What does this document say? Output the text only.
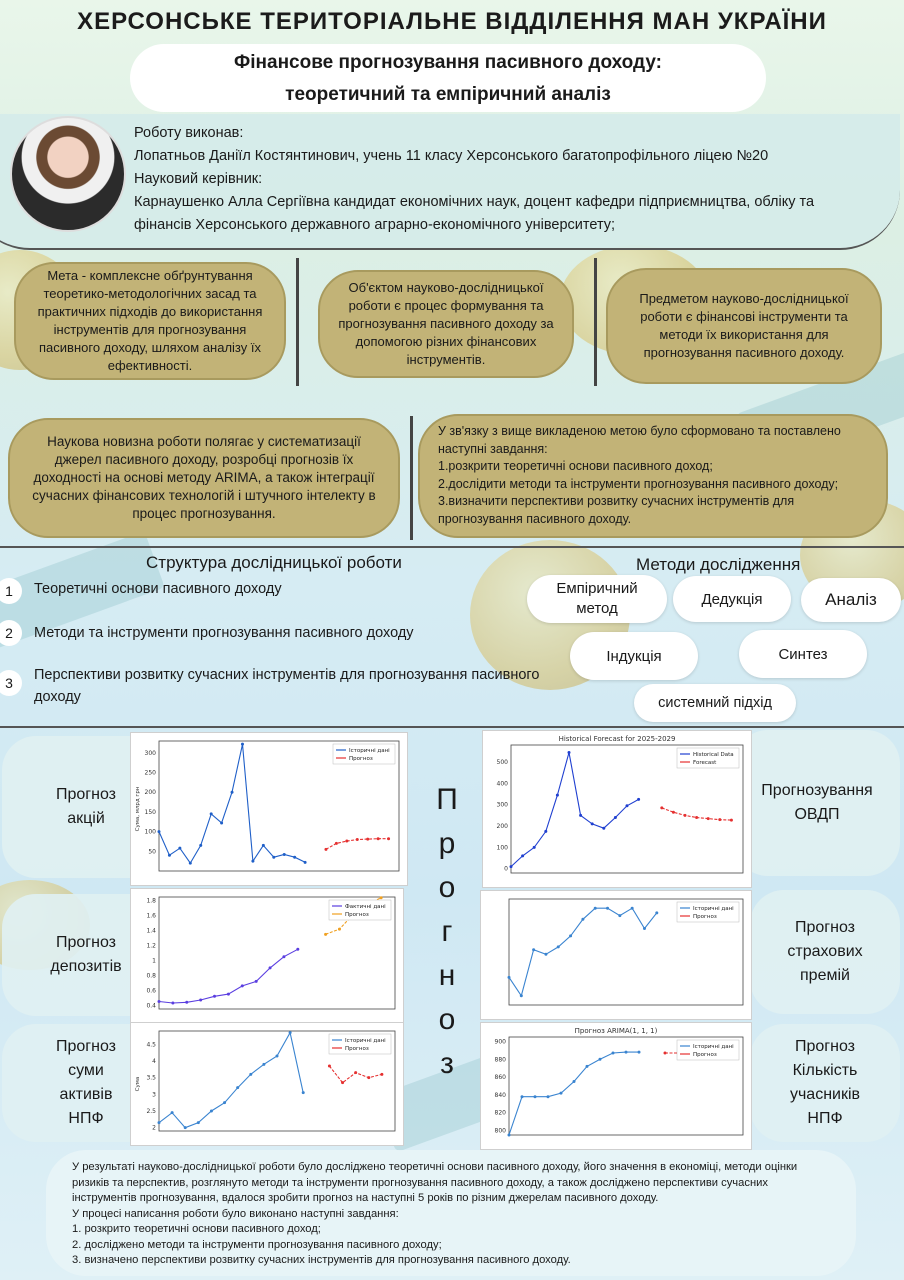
ХЕРСОНСЬКЕ ТЕРИТОРІАЛЬНЕ ВІДДІЛЕННЯ МАН УКРАЇНИ
Фінансове прогнозування пасивного доходу:
теоретичний та емпіричний аналіз
Роботу виконав:
Лопатньов Даніїл Костянтинович, учень 11 класу Херсонського багатопрофільного ліцею №20
Науковий керівник:
Карнаушенко Алла Сергіївна кандидат економічних наук, доцент кафедри підприємництва, обліку та
фінансів Херсонського державного аграрно-економічного університету;
Мета - комплексне обґрунтування теоретико-методологічних засад та практичних підходів до використання інструментів для прогнозування пасивного доходу, шляхом аналізу їх ефективності.
Об'єктом науково-дослідницької роботи є процес формування та прогнозування пасивного доходу за допомогою різних фінансових інструментів.
Предметом науково-дослідницької роботи є фінансові інструменти та методи їх використання для прогнозування пасивного доходу.
Наукова новизна роботи полягає у систематизації джерел пасивного доходу, розробці прогнозів їх доходності на основі методу ARIMA, а також інтеграції сучасних фінансових технологій і штучного інтелекту в процес прогнозування.
У зв'язку з вище викладеною метою було сформовано та поставлено наступні завдання:
1.розкрити теоретичні основи пасивного доход;
2.дослідити методи та інструменти прогнозування пасивного доходу;
3.визначити перспективи розвитку сучасних інструментів для прогнозування пасивного доходу.
Структура дослідницької роботи
1	Теоретичні основи пасивного доходу
2	Методи та інструменти прогнозування пасивного доходу
3	Перспективи розвитку сучасних інструментів для прогнозування пасивного доходу
Методи дослідження
Емпіричний метод
Дедукція	Аналіз
Індукція	Синтез
системний підхід
Прогноз акцій
Прогнозування ОВДП
Прогноз депозитів
Прогноз страхових премій
Прогноз суми активів НПФ
Прогноз Кількість учасників НПФ
П
р
о
г
н
о
з
50
100
150
200
250
300
Сума, млрд грн
Історичні дані
Прогноз
Historical Forecast for 2025-2029
0
100
200
300
400
500
Historical Data
Forecast
0.4
0.6
0.8
1
1.2
1.4
1.6
1.8
Фактичні дані
Прогноз
Історичні дані
Прогноз
2
2.5
3
3.5
4
4.5
Сума
Історичні дані
Прогноз
Прогноз ARIMA(1, 1, 1)
800
820
840
860
880
900
Історичні дані
Прогноз
У результаті науково-дослідницької роботи було досліджено теоретичні основи пасивного доходу, його значення в економіці, методи оцінки
ризиків та перспектив, розглянуто методи та інструменти прогнозування пасивного доходу, а також досліджено перспективи сучасних
інструментів прогнозування, вдалося зробити прогноз на наступні 5 років по різним джерелам пасивного доходу.
У процесі написання роботи було виконано наступні завдання:
1. розкрито теоретичні основи пасивного доход;
2. досліджено методи та інструменти прогнозування пасивного доходу;
3. визначено перспективи розвитку сучасних інструментів для прогнозування пасивного доходу.
